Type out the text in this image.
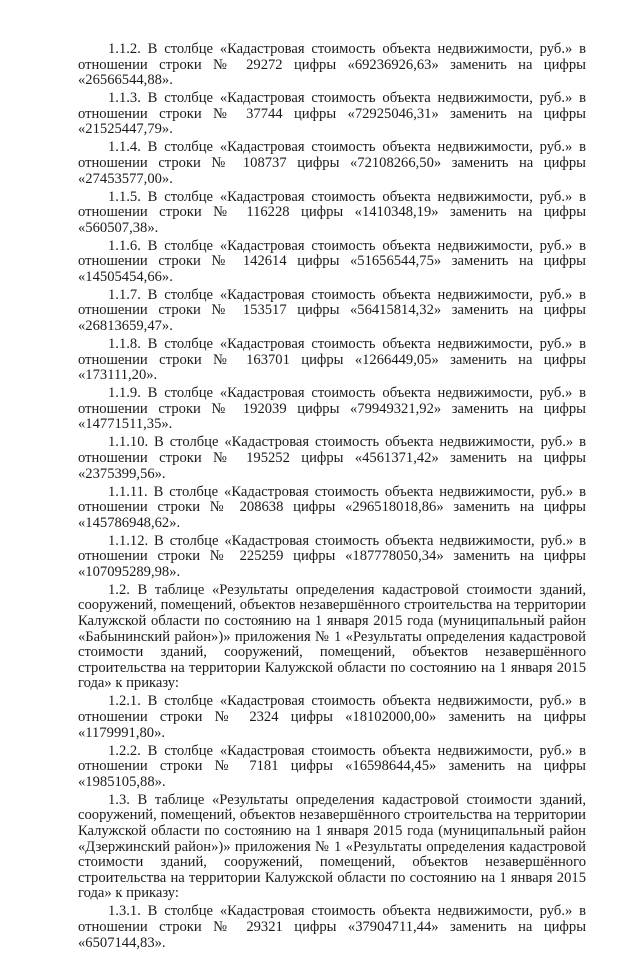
1.1.2. В столбце «Кадастровая стоимость объекта недвижимости, руб.» в отношении строки № 29272 цифры «69236926,63» заменить на цифры «26566544,88».

1.1.3. В столбце «Кадастровая стоимость объекта недвижимости, руб.» в отношении строки № 37744 цифры «72925046,31» заменить на цифры «21525447,79».

1.1.4. В столбце «Кадастровая стоимость объекта недвижимости, руб.» в отношении строки № 108737 цифры «72108266,50» заменить на цифры «27453577,00».

1.1.5. В столбце «Кадастровая стоимость объекта недвижимости, руб.» в отношении строки № 116228 цифры «1410348,19» заменить на цифры «560507,38».

1.1.6. В столбце «Кадастровая стоимость объекта недвижимости, руб.» в отношении строки № 142614 цифры «51656544,75» заменить на цифры «14505454,66».

1.1.7. В столбце «Кадастровая стоимость объекта недвижимости, руб.» в отношении строки № 153517 цифры «56415814,32» заменить на цифры «26813659,47».

1.1.8. В столбце «Кадастровая стоимость объекта недвижимости, руб.» в отношении строки № 163701 цифры «1266449,05» заменить на цифры «173111,20».

1.1.9. В столбце «Кадастровая стоимость объекта недвижимости, руб.» в отношении строки № 192039 цифры «79949321,92» заменить на цифры «14771511,35».

1.1.10. В столбце «Кадастровая стоимость объекта недвижимости, руб.» в отношении строки № 195252 цифры «4561371,42» заменить на цифры «2375399,56».

1.1.11. В столбце «Кадастровая стоимость объекта недвижимости, руб.» в отношении строки № 208638 цифры «296518018,86» заменить на цифры «145786948,62».

1.1.12. В столбце «Кадастровая стоимость объекта недвижимости, руб.» в отношении строки № 225259 цифры «187778050,34» заменить на цифры «107095289,98».

1.2. В таблице «Результаты определения кадастровой стоимости зданий, сооружений, помещений, объектов незавершённого строительства на территории Калужской области по состоянию на 1 января 2015 года (муниципальный район «Бабынинский район»)» приложения № 1 «Результаты определения кадастровой стоимости зданий, сооружений, помещений, объектов незавершённого строительства на территории Калужской области по состоянию на 1 января 2015 года» к приказу:

1.2.1. В столбце «Кадастровая стоимость объекта недвижимости, руб.» в отношении строки № 2324 цифры «18102000,00» заменить на цифры «1179991,80».

1.2.2. В столбце «Кадастровая стоимость объекта недвижимости, руб.» в отношении строки № 7181 цифры «16598644,45» заменить на цифры «1985105,88».

1.3. В таблице «Результаты определения кадастровой стоимости зданий, сооружений, помещений, объектов незавершённого строительства на территории Калужской области по состоянию на 1 января 2015 года (муниципальный район «Дзержинский район»)» приложения № 1 «Результаты определения кадастровой стоимости зданий, сооружений, помещений, объектов незавершённого строительства на территории Калужской области по состоянию на 1 января 2015 года» к приказу:

1.3.1. В столбце «Кадастровая стоимость объекта недвижимости, руб.» в отношении строки № 29321 цифры «37904711,44» заменить на цифры «6507144,83».
